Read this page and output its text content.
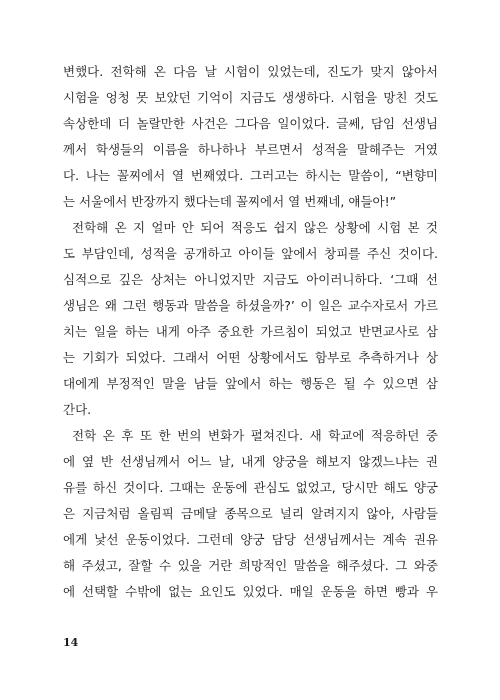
변했다. 전학해 온 다음 날 시험이 있었는데, 진도가 맞지 않아서
시험을 엉청 못 보았던 기억이 지금도 생생하다. 시험을 망친 것도
속상한데 더 놀랄만한 사건은 그다음 일이었다. 글쎄, 담임 선생님
께서 학생들의 이름을 하나하나 부르면서 성적을 말해주는 거였
다. 나는 꼴찌에서 열 번째였다. 그러고는 하시는 말씀이, “변향미
는 서울에서 반장까지 했다는데 꼴찌에서 열 번째네, 얘들아!”
전학해 온 지 얼마 안 되어 적응도 쉽지 않은 상황에 시험 본 것
도 부담인데, 성적을 공개하고 아이들 앞에서 창피를 주신 것이다.
심적으로 깊은 상처는 아니었지만 지금도 아이러니하다. ‘그때 선
생님은 왜 그런 행동과 말씀을 하셨을까?’ 이 일은 교수자로서 가르
치는 일을 하는 내게 아주 중요한 가르침이 되었고 반면교사로 삼
는 기회가 되었다. 그래서 어떤 상황에서도 함부로 추측하거나 상
대에게 부정적인 말을 남들 앞에서 하는 행동은 될 수 있으면 삼
간다.
전학 온 후 또 한 번의 변화가 펼쳐진다. 새 학교에 적응하던 중
에 옆 반 선생님께서 어느 날, 내게 양궁을 해보지 않겠느냐는 권
유를 하신 것이다. 그때는 운동에 관심도 없었고, 당시만 해도 양궁
은 지금처럼 올림픽 금메달 종목으로 널리 알려지지 않아, 사람들
에게 낯선 운동이었다. 그런데 양궁 담당 선생님께서는 계속 권유
해 주셨고, 잘할 수 있을 거란 희망적인 말씀을 해주셨다. 그 와중
에 선택할 수밖에 없는 요인도 있었다. 매일 운동을 하면 빵과 우
14
